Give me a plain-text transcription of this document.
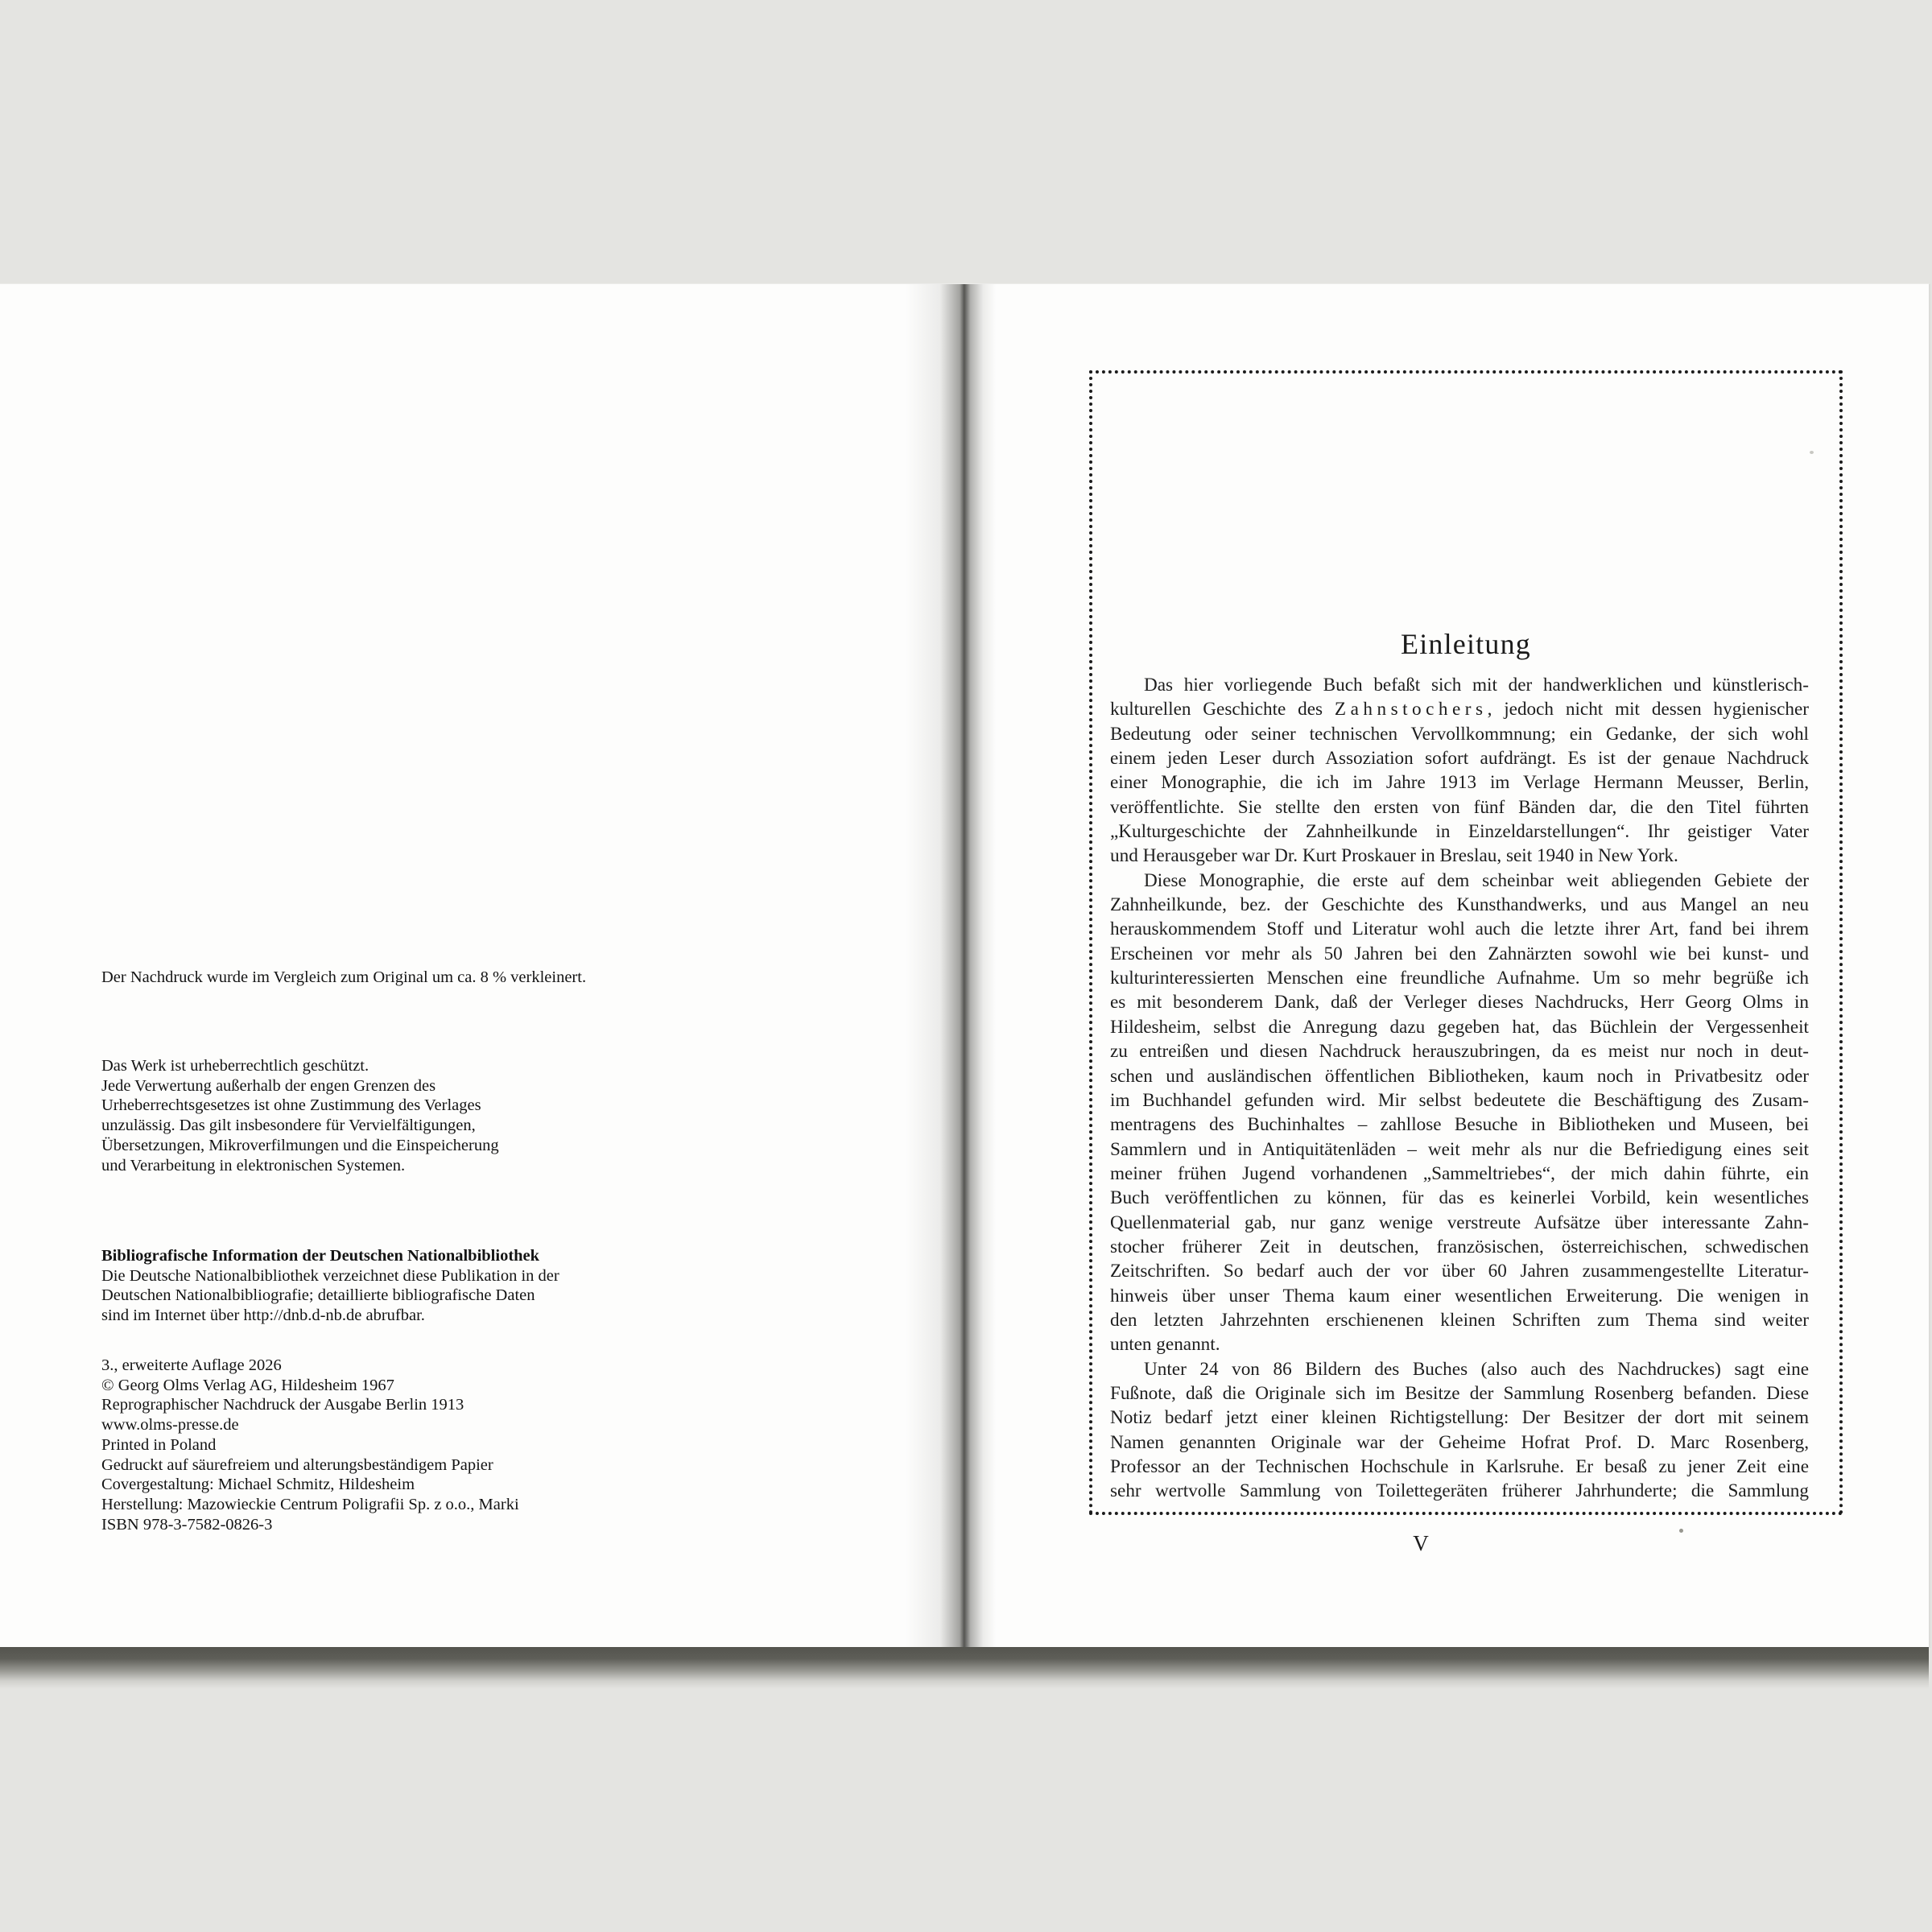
Der Nachdruck wurde im Vergleich zum Original um ca. 8 % verkleinert.
Das Werk ist urheberrechtlich geschützt.
Jede Verwertung außerhalb der engen Grenzen des
Urheberrechtsgesetzes ist ohne Zustimmung des Verlages
unzulässig. Das gilt insbesondere für Vervielfältigungen,
Übersetzungen, Mikroverfilmungen und die Einspeicherung
und Verarbeitung in elektronischen Systemen.
Bibliografische Information der Deutschen Nationalbibliothek
Die Deutsche Nationalbibliothek verzeichnet diese Publikation in der
Deutschen Nationalbibliografie; detaillierte bibliografische Daten
sind im Internet über http://dnb.d-nb.de abrufbar.
3., erweiterte Auflage 2026
© Georg Olms Verlag AG, Hildesheim 1967
Reprographischer Nachdruck der Ausgabe Berlin 1913
www.olms-presse.de
Printed in Poland
Gedruckt auf säurefreiem und alterungsbeständigem Papier
Covergestaltung: Michael Schmitz, Hildesheim
Herstellung: Mazowieckie Centrum Poligrafii Sp. z o.o., Marki
ISBN 978-3-7582-0826-3
Einleitung
Das hier vorliegende Buch befaßt sich mit der handwerklichen und künstlerisch-
kulturellen Geschichte des Zahnstochers, jedoch nicht mit dessen hygienischer
Bedeutung oder seiner technischen Vervollkommnung; ein Gedanke, der sich wohl
einem jeden Leser durch Assoziation sofort aufdrängt. Es ist der genaue Nachdruck
einer Monographie, die ich im Jahre 1913 im Verlage Hermann Meusser, Berlin,
veröffentlichte. Sie stellte den ersten von fünf Bänden dar, die den Titel führten
„Kulturgeschichte der Zahnheilkunde in Einzeldarstellungen“. Ihr geistiger Vater
und Herausgeber war Dr. Kurt Proskauer in Breslau, seit 1940 in New York.
Diese Monographie, die erste auf dem scheinbar weit abliegenden Gebiete der
Zahnheilkunde, bez. der Geschichte des Kunsthandwerks, und aus Mangel an neu
herauskommendem Stoff und Literatur wohl auch die letzte ihrer Art, fand bei ihrem
Erscheinen vor mehr als 50 Jahren bei den Zahnärzten sowohl wie bei kunst- und
kulturinteressierten Menschen eine freundliche Aufnahme. Um so mehr begrüße ich
es mit besonderem Dank, daß der Verleger dieses Nachdrucks, Herr Georg Olms in
Hildesheim, selbst die Anregung dazu gegeben hat, das Büchlein der Vergessenheit
zu entreißen und diesen Nachdruck herauszubringen, da es meist nur noch in deut-
schen und ausländischen öffentlichen Bibliotheken, kaum noch in Privatbesitz oder
im Buchhandel gefunden wird. Mir selbst bedeutete die Beschäftigung des Zusam-
mentragens des Buchinhaltes – zahllose Besuche in Bibliotheken und Museen, bei
Sammlern und in Antiquitätenläden – weit mehr als nur die Befriedigung eines seit
meiner frühen Jugend vorhandenen „Sammeltriebes“, der mich dahin führte, ein
Buch veröffentlichen zu können, für das es keinerlei Vorbild, kein wesentliches
Quellenmaterial gab, nur ganz wenige verstreute Aufsätze über interessante Zahn-
stocher früherer Zeit in deutschen, französischen, österreichischen, schwedischen
Zeitschriften. So bedarf auch der vor über 60 Jahren zusammengestellte Literatur-
hinweis über unser Thema kaum einer wesentlichen Erweiterung. Die wenigen in
den letzten Jahrzehnten erschienenen kleinen Schriften zum Thema sind weiter
unten genannt.
Unter 24 von 86 Bildern des Buches (also auch des Nachdruckes) sagt eine
Fußnote, daß die Originale sich im Besitze der Sammlung Rosenberg befanden. Diese
Notiz bedarf jetzt einer kleinen Richtigstellung: Der Besitzer der dort mit seinem
Namen genannten Originale war der Geheime Hofrat Prof. D. Marc Rosenberg,
Professor an der Technischen Hochschule in Karlsruhe. Er besaß zu jener Zeit eine
sehr wertvolle Sammlung von Toilettegeräten früherer Jahrhunderte; die Sammlung
V
